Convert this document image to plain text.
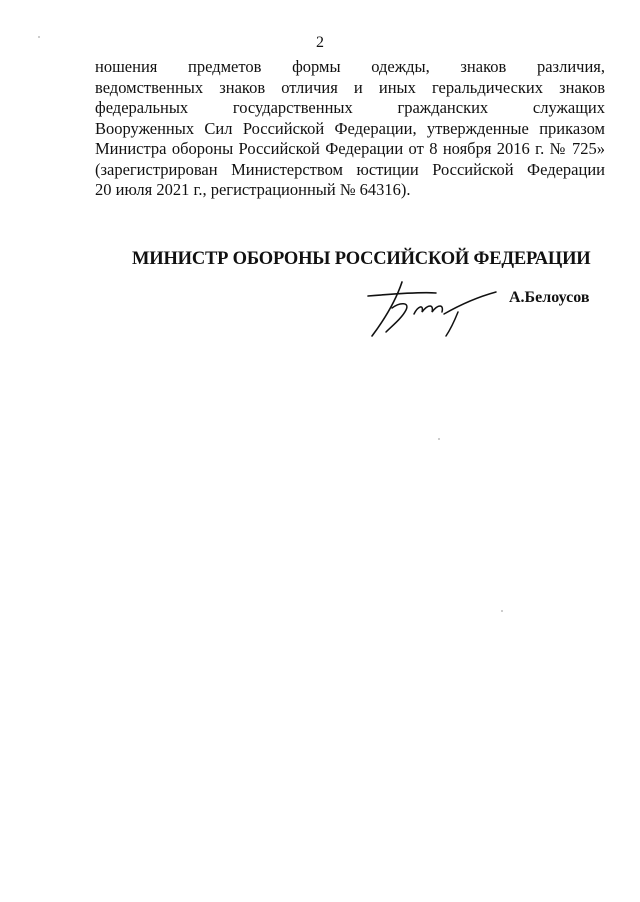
2
ношения предметов формы одежды, знаков различия,
ведомственных знаков отличия и иных геральдических знаков
федеральных государственных гражданских служащих
Вооруженных Сил Российской Федерации, утвержденные приказом
Министра обороны Российской Федерации от 8 ноября 2016 г. № 725»
(зарегистрирован Министерством юстиции Российской Федерации
20 июля 2021 г., регистрационный № 64316).
МИНИСТР ОБОРОНЫ РОССИЙСКОЙ ФЕДЕРАЦИИ
А.Белоусов
